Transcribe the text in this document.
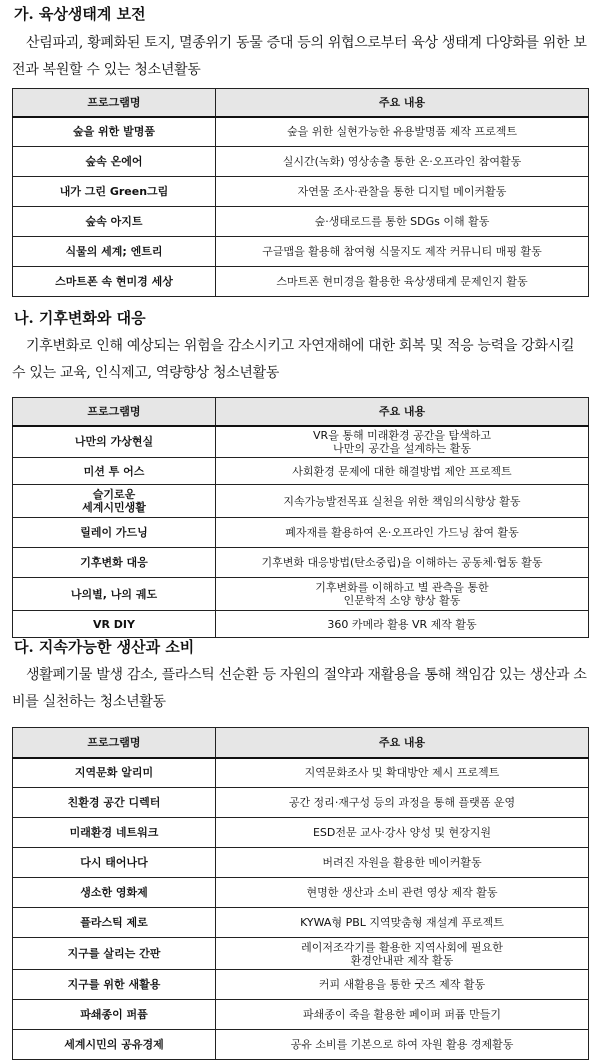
가. 육상생태계 보전

산림파괴, 황폐화된 토지, 멸종위기 동물 증대 등의 위협으로부터 육상 생태계 다양화를 위한 보전과 복원할 수 있는 청소년활동

프로그램명	주요 내용
숲을 위한 발명품	숲을 위한 실현가능한 유용발명품 제작 프로젝트
숲속 온에어	실시간(녹화) 영상송출 통한 온·오프라인 참여활동
내가 그린 Green그림	자연물 조사·관찰을 통한 디지털 메이커활동
숲속 아지트	숲·생태로드를 통한 SDGs 이해 활동
식물의 세계; 엔트리	구글맵을 활용해 참여형 식물지도 제작 커뮤니티 매핑 활동
스마트폰 속 현미경 세상	스마트폰 현미경을 활용한 육상생태계 문제인지 활동
나. 기후변화와 대응

기후변화로 인해 예상되는 위험을 감소시키고 자연재해에 대한 회복 및 적응 능력을 강화시킬 수 있는 교육, 인식제고, 역량향상 청소년활동

프로그램명	주요 내용
나만의 가상현실	VR을 통해 미래환경 공간을 탐색하고
나만의 공간을 설계하는 활동

미션 투 어스	사회환경 문제에 대한 해결방법 제안 프로젝트

슬기로운
세계시민생활	지속가능발전목표 실천을 위한 책임의식향상 활동
릴레이 가드닝	폐자재를 활용하여 온·오프라인 가드닝 참여 활동
기후변화 대응	기후변화 대응방법(탄소중립)을 이해하는 공동체·협동 활동
나의별, 나의 궤도	기후변화를 이해하고 별 관측을 통한
인문학적 소양 향상 활동

VR DIY	360 카메라 활용 VR 제작 활동
다. 지속가능한 생산과 소비

생활폐기물 발생 감소, 플라스틱 선순환 등 자원의 절약과 재활용을 통해 책임감 있는 생산과 소비를 실천하는 청소년활동

프로그램명	주요 내용
지역문화 알리미	지역문화조사 및 확대방안 제시 프로젝트
친환경 공간 디렉터	공간 정리·재구성 등의 과정을 통해 플랫폼 운영
미래환경 네트워크	ESD전문 교사·강사 양성 및 현장지원
다시 태어나다	버려진 자원을 활용한 메이커활동
생소한 영화제	현명한 생산과 소비 관련 영상 제작 활동
플라스틱 제로	KYWA형 PBL 지역맞춤형 재설계 푸로젝트
지구를 살리는 간판	레이저조각기를 활용한 지역사회에 필요한
환경안내판 제작 활동

지구를 위한 새활용	커피 새활용을 통한 굿즈 제작 활동
파쇄종이 퍼퓸	파쇄종이 죽을 활용한 페이퍼 퍼퓸 만들기
세계시민의 공유경제	공유 소비를 기본으로 하여 자원 활용 경제활동
